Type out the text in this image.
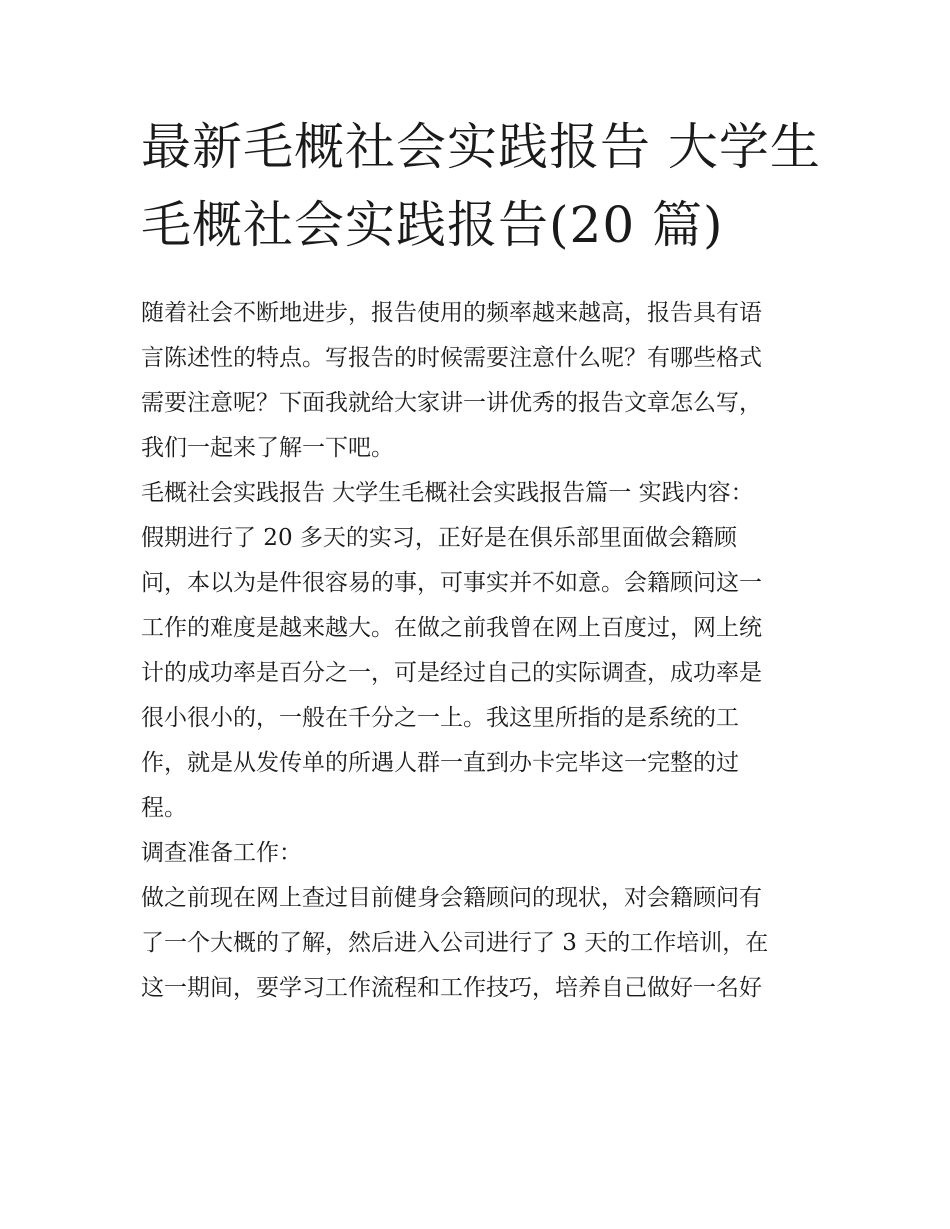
最新毛概社会实践报告 大学生
毛概社会实践报告(20 篇)

随着社会不断地进步，报告使用的频率越来越高，报告具有语
言陈述性的特点。写报告的时候需要注意什么呢？有哪些格式
需要注意呢？下面我就给大家讲一讲优秀的报告文章怎么写，
我们一起来了解一下吧。

毛概社会实践报告 大学生毛概社会实践报告篇一 实践内容：
假期进行了 20 多天的实习，正好是在俱乐部里面做会籍顾
问，本以为是件很容易的事，可事实并不如意。会籍顾问这一
工作的难度是越来越大。在做之前我曾在网上百度过，网上统
计的成功率是百分之一，可是经过自己的实际调查，成功率是
很小很小的，一般在千分之一上。我这里所指的是系统的工
作，就是从发传单的所遇人群一直到办卡完毕这一完整的过
程。

调查准备工作：

做之前现在网上查过目前健身会籍顾问的现状，对会籍顾问有
了一个大概的了解，然后进入公司进行了 3 天的工作培训，在
这一期间，要学习工作流程和工作技巧，培养自己做好一名好
